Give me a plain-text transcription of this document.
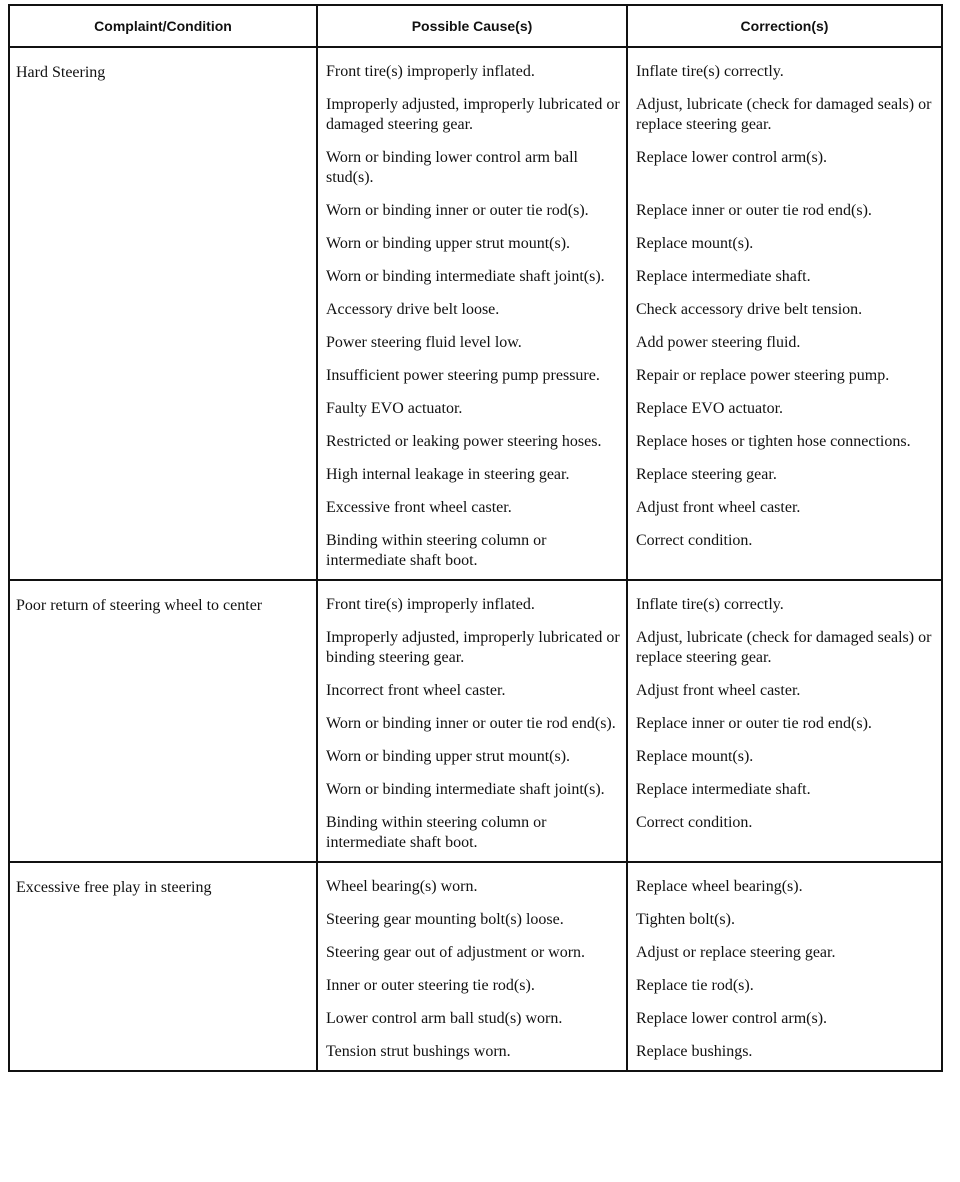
Complaint/Condition	Possible Cause(s)	Correction(s)
Hard Steering	Front tire(s) improperly inflated.	Inflate tire(s) correctly.
	Improperly adjusted, improperly lubricated or damaged steering gear.	Adjust, lubricate (check for damaged seals) or replace steering gear.
	Worn or binding lower control arm ball stud(s).	Replace lower control arm(s).
	Worn or binding inner or outer tie rod(s).	Replace inner or outer tie rod end(s).
	Worn or binding upper strut mount(s).	Replace mount(s).
	Worn or binding intermediate shaft joint(s).	Replace intermediate shaft.
	Accessory drive belt loose.	Check accessory drive belt tension.
	Power steering fluid level low.	Add power steering fluid.
	Insufficient power steering pump pressure.	Repair or replace power steering pump.
	Faulty EVO actuator.	Replace EVO actuator.
	Restricted or leaking power steering hoses.	Replace hoses or tighten hose connections.
	High internal leakage in steering gear.	Replace steering gear.
	Excessive front wheel caster.	Adjust front wheel caster.
	Binding within steering column or intermediate shaft boot.	Correct condition.
Poor return of steering wheel to center	Front tire(s) improperly inflated.	Inflate tire(s) correctly.
	Improperly adjusted, improperly lubricated or binding steering gear.	Adjust, lubricate (check for damaged seals) or replace steering gear.
	Incorrect front wheel caster.	Adjust front wheel caster.
	Worn or binding inner or outer tie rod end(s).	Replace inner or outer tie rod end(s).
	Worn or binding upper strut mount(s).	Replace mount(s).
	Worn or binding intermediate shaft joint(s).	Replace intermediate shaft.
	Binding within steering column or intermediate shaft boot.	Correct condition.
Excessive free play in steering	Wheel bearing(s) worn.	Replace wheel bearing(s).
	Steering gear mounting bolt(s) loose.	Tighten bolt(s).
	Steering gear out of adjustment or worn.	Adjust or replace steering gear.
	Inner or outer steering tie rod(s).	Replace tie rod(s).
	Lower control arm ball stud(s) worn.	Replace lower control arm(s).
	Tension strut bushings worn.	Replace bushings.
